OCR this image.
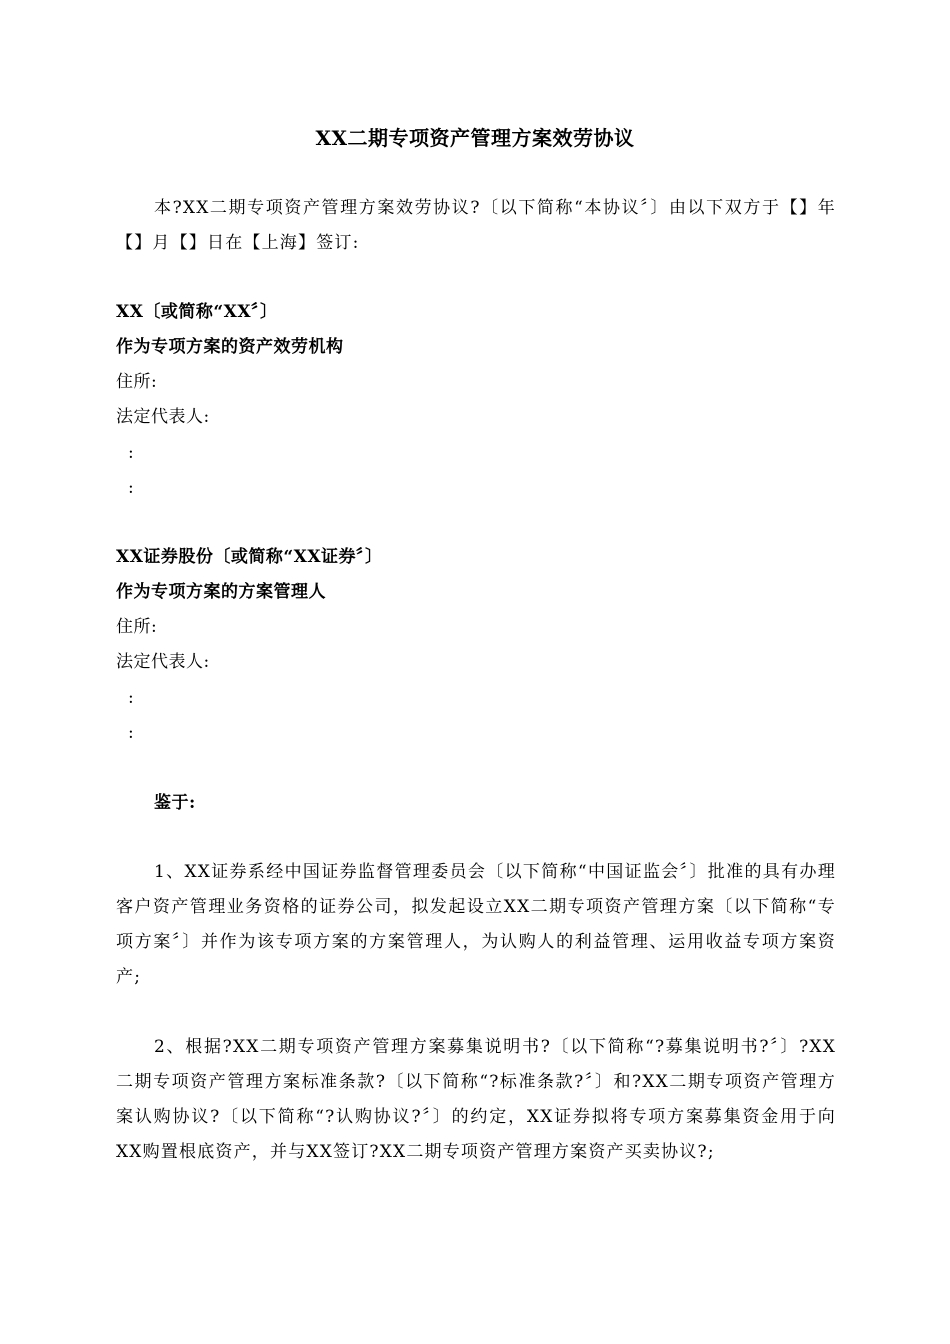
XX二期专项资产管理方案效劳协议
本?XX二期专项资产管理方案效劳协议?〔以下简称“本协议〞〕由以下双方于【】年【】月【】日在【上海】签订:
XX〔或简称“XX〞〕
作为专项方案的资产效劳机构
住所:
法定代表人:
:
:
XX证券股份〔或简称“XX证券〞〕
作为专项方案的方案管理人
住所:
法定代表人:
:
:
鉴于:
1、XX证券系经中国证券监督管理委员会〔以下简称“中国证监会〞〕批准的具有办理客户资产管理业务资格的证券公司，拟发起设立XX二期专项资产管理方案〔以下简称“专项方案〞〕并作为该专项方案的方案管理人，为认购人的利益管理、运用收益专项方案资产;
2、根据?XX二期专项资产管理方案募集说明书?〔以下简称“?募集说明书?〞〕?XX二期专项资产管理方案标准条款?〔以下简称“?标准条款?〞〕和?XX二期专项资产管理方案认购协议?〔以下简称“?认购协议?〞〕的约定，XX证券拟将专项方案募集资金用于向XX购置根底资产，并与XX签订?XX二期专项资产管理方案资产买卖协议?;
